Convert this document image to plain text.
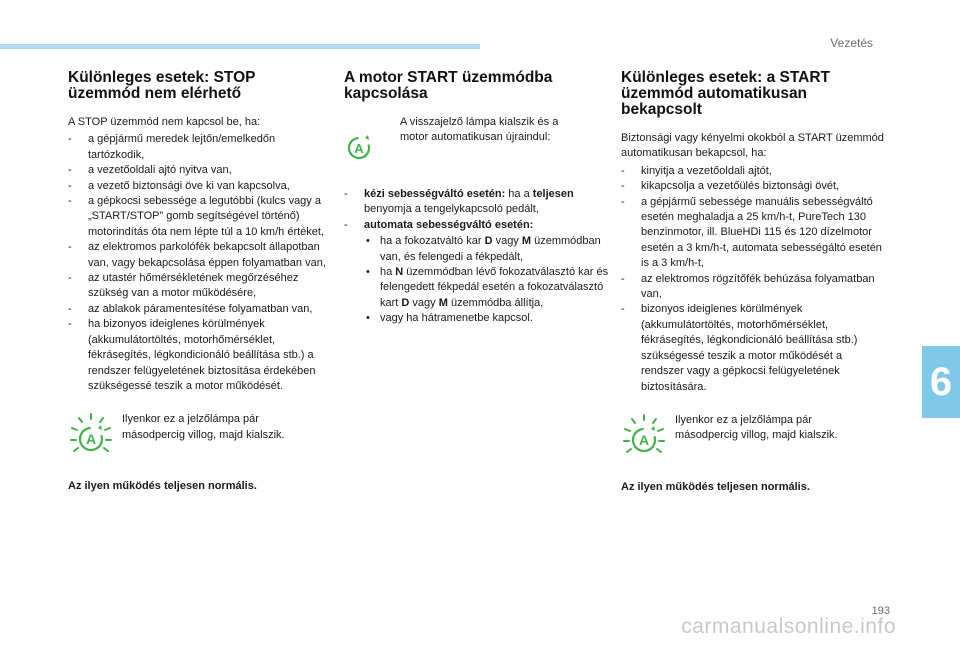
Vezetés
6
193
carmanualsonline.info
Különleges esetek: STOP
üzemmód nem elérhető

A STOP üzemmód nem kapcsol be, ha:

- a gépjármű meredek lejtőn/emelkedőn tartózkodik,
- a vezetőoldali ajtó nyitva van,
- a vezető biztonsági öve ki van kapcsolva,
- a gépkocsi sebessége a legutóbbi (kulcs vagy a „START/STOP” gomb segítségével történő) motorindítás óta nem lépte túl a 10 km/h értéket,
- az elektromos parkolófék bekapcsolt állapotban van, vagy bekapcsolása éppen folyamatban van,
- az utastér hőmérsékletének megőrzéséhez szükség van a motor működésére,
- az ablakok páramentesítése folyamatban van,
- ha bizonyos ideiglenes körülmények (akkumulátortöltés, motorhőmérséklet, fékrásegítés, légkondicionáló beállítása stb.) a rendszer felügyeletének biztosítása érdekében szükségessé teszik a motor működését.
A
Ilyenkor ez a jelzőlámpa pár másodpercig villog, majd kialszik.

Az ilyen működés teljesen normális.

A motor START üzemmódba
kapcsolása
A
A visszajelző lámpa kialszik és a motor automatikusan újraindul:
- kézi sebességváltó esetén: ha a teljesen benyomja a tengelykapcsoló pedált,
- automata sebességváltó esetén:
• ha a fokozatváltó kar D vagy M üzemmódban van, és felengedi a fékpedált,
• ha N üzemmódban lévő fokozatválasztó kar és felengedett fékpedál esetén a fokozatválasztó kart D vagy M üzemmódba állítja,
• vagy ha hátramenetbe kapcsol.
Különleges esetek: a START
üzemmód automatikusan
bekapcsolt

Biztonsági vagy kényelmi okokból a START üzemmód automatikusan bekapcsol, ha:

- kinyitja a vezetőoldali ajtót,
- kikapcsolja a vezetőülés biztonsági övét,
- a gépjármű sebessége manuális sebességváltó esetén meghaladja a 25 km/h-t, PureTech 130 benzinmotor, ill. BlueHDi 115 és 120 dízelmotor esetén a 3 km/h-t, automata sebességáltó esetén is a 3 km/h-t,
- az elektromos rögzítőfék behúzása folyamatban van,
- bizonyos ideiglenes körülmények (akkumulátortöltés, motorhőmérséklet, fékrásegítés, légkondicionáló beállítása stb.) szükségessé teszik a motor működését a rendszer vagy a gépkocsi felügyeletének biztosítására.
A
Ilyenkor ez a jelzőlámpa pár másodpercig villog, majd kialszik.

Az ilyen működés teljesen normális.
